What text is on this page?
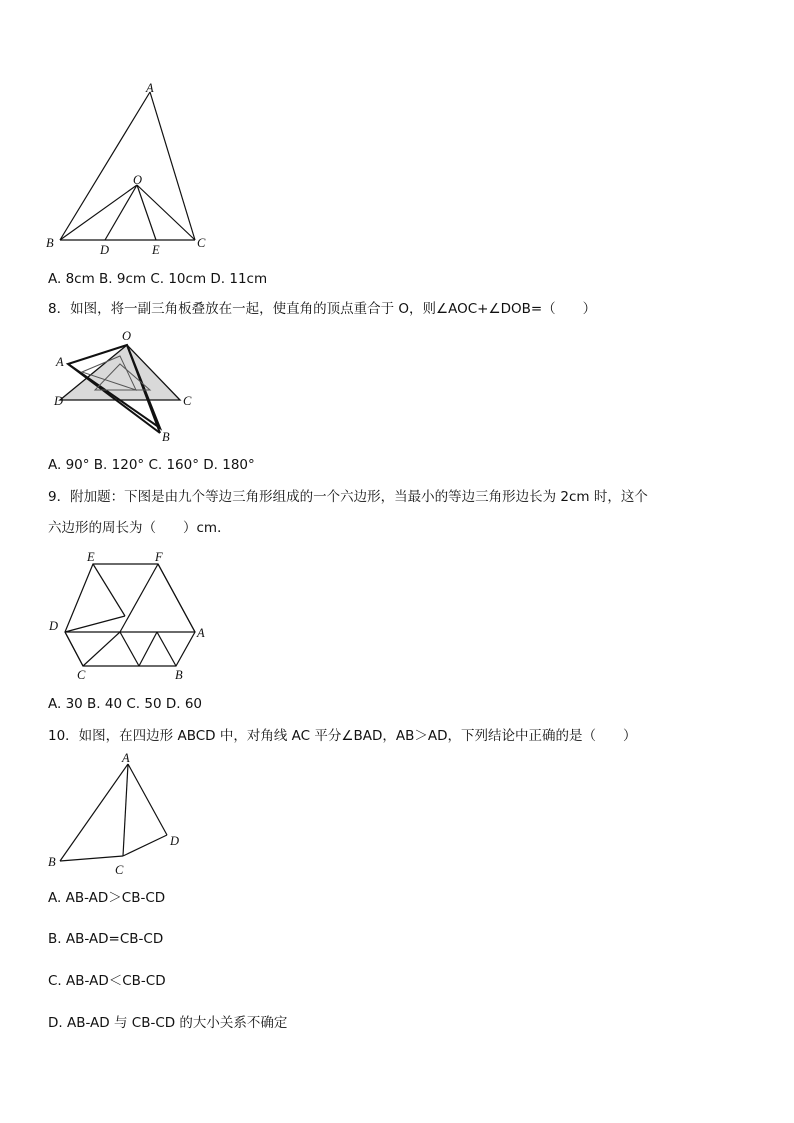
A
O
B	D	E	C
A. 8cm B. 9cm C. 10cm D. 11cm
8．如图，将一副三角板叠放在一起，使直角的顶点重合于 O，则∠AOC+∠DOB=（　　）
O
A
D	C
B
A. 90° B. 120° C. 160° D. 180°
9．附加题：下图是由九个等边三角形组成的一个六边形，当最小的等边三角形边长为 2cm 时，这个
六边形的周长为（　　）cm．
E	F
D	A
C	B
A. 30 B. 40 C. 50 D. 60
10．如图，在四边形 ABCD 中，对角线 AC 平分∠BAD，AB＞AD，下列结论中正确的是（　　）
A
B
C
D
A. AB-AD＞CB-CD
B. AB-AD=CB-CD
C. AB-AD＜CB-CD
D. AB-AD 与 CB-CD 的大小关系不确定
